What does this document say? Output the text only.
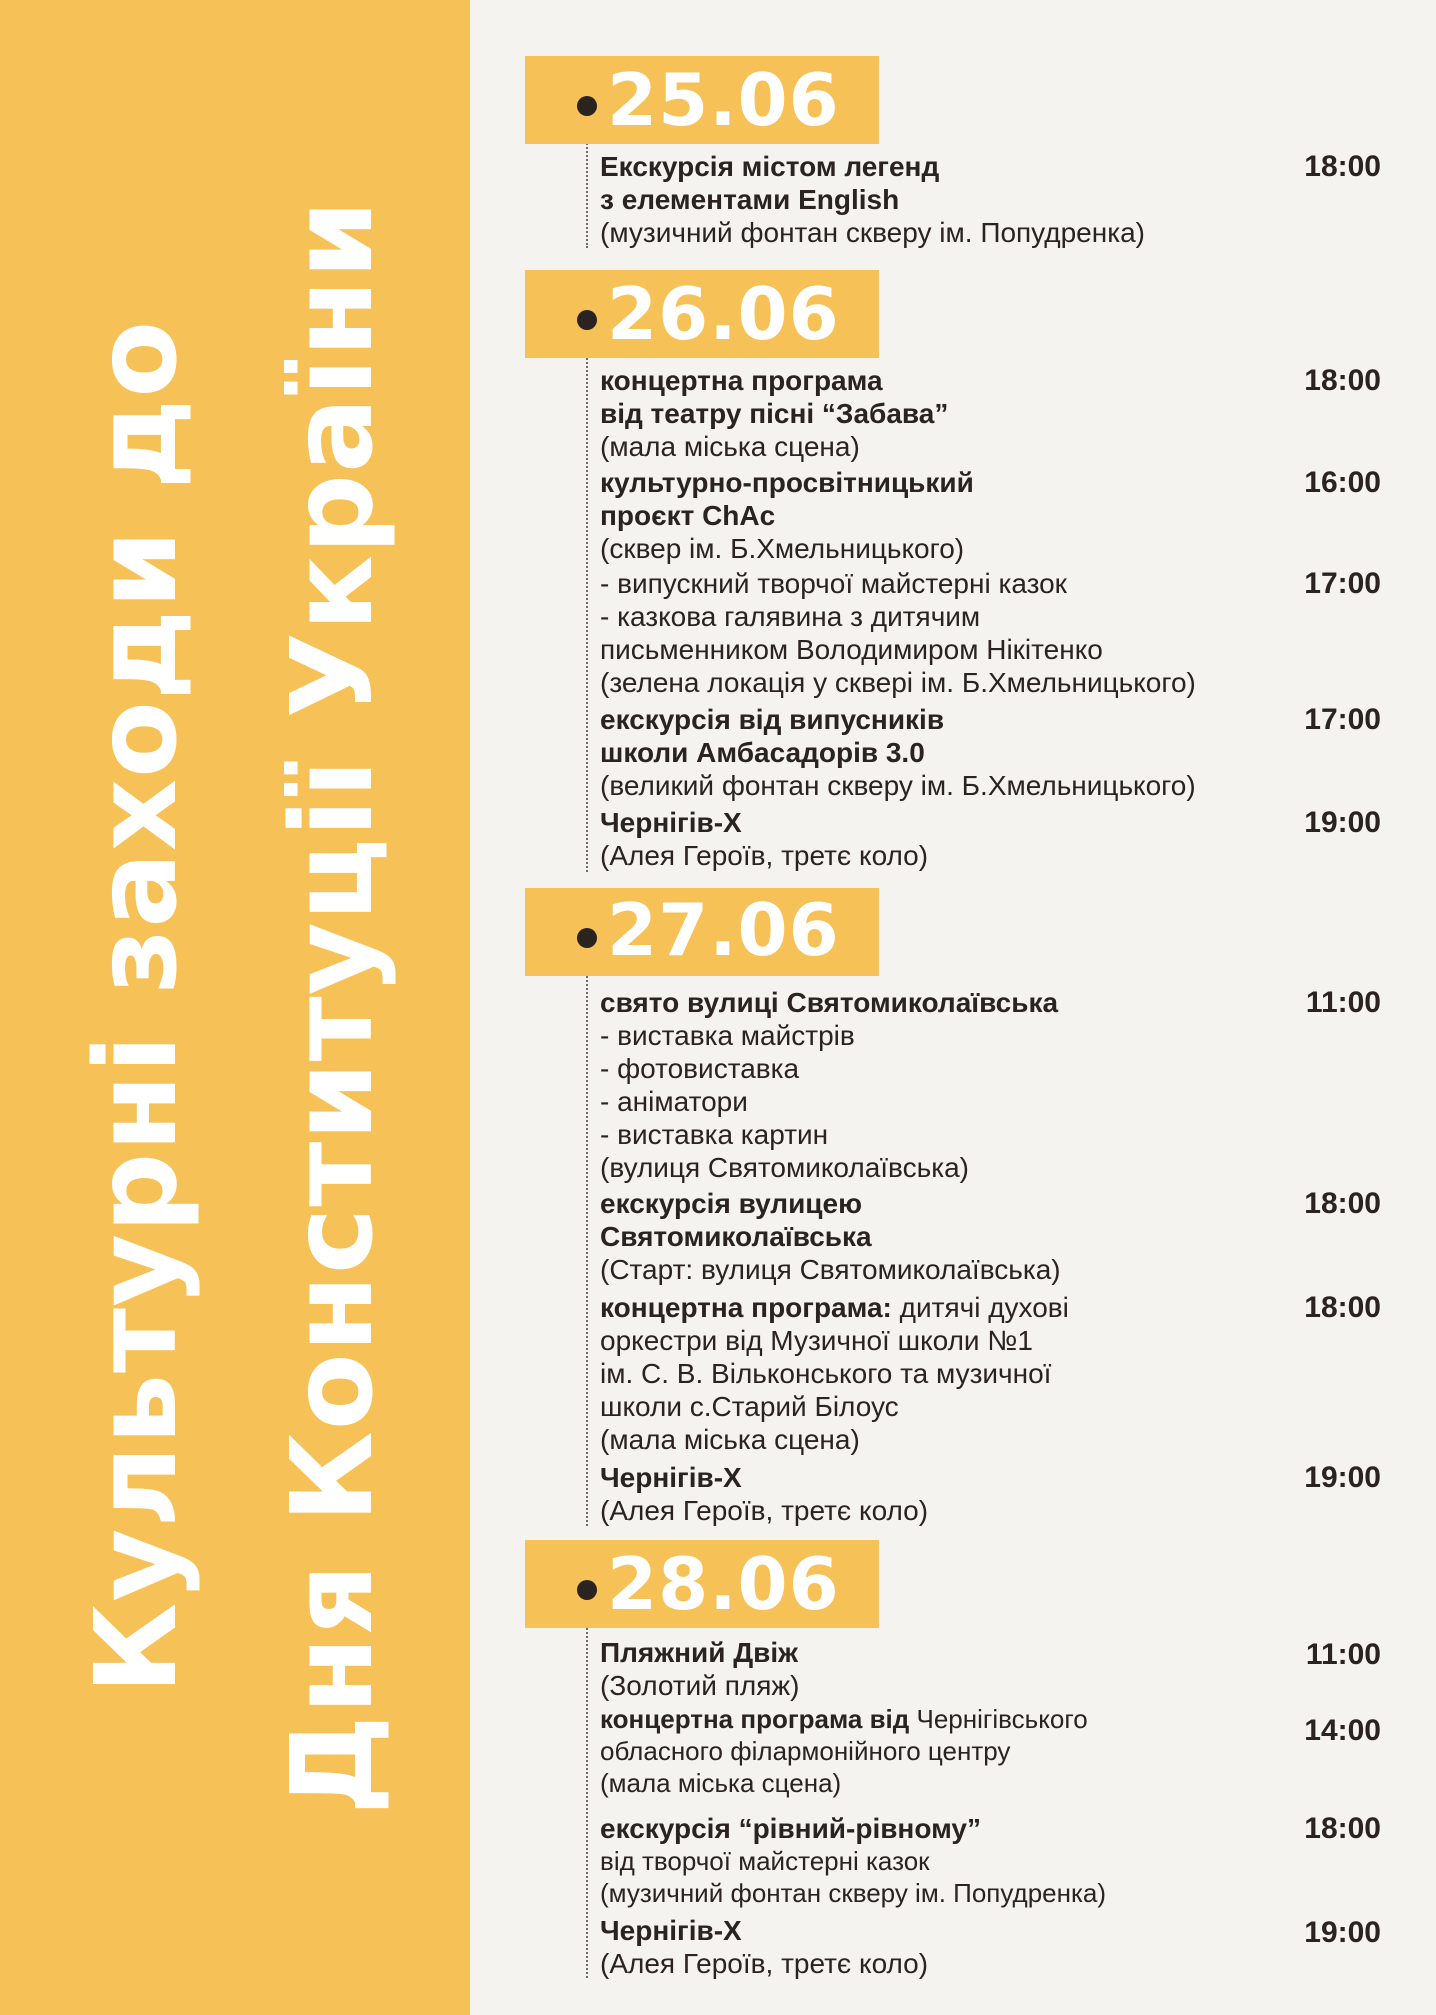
Культурні заходи до Дня Конституції України
25.06
Екскурсія містом легенд
з елементами English
(музичний фонтан скверу ім. Попудренка)
18:00
26.06
концертна програма
від театру пісні “Забава”
(мала міська сцена)
18:00
культурно-просвітницький
проєкт ChAc
(сквер ім. Б.Хмельницького)
16:00
- випускний творчої майстерні казок
- казкова галявина з дитячим
письменником Володимиром Нікітенко
(зелена локація у сквері ім. Б.Хмельницького)
17:00
екскурсія від випусників
школи Амбасадорів 3.0
(великий фонтан скверу ім. Б.Хмельницького)
17:00
Чернігів-Х
(Алея Героїв, третє коло)
19:00
27.06
свято вулиці Святомиколаївська
- виставка майстрів
- фотовиставка
- аніматори
- виставка картин
(вулиця Святомиколаївська)
11:00
екскурсія вулицею
Святомиколаївська
(Старт: вулиця Святомиколаївська)
18:00
концертна програма: дитячі духові
оркестри від Музичної школи №1
ім. С. В. Вільконського та музичної
школи с.Старий Білоус
(мала міська сцена)
18:00
Чернігів-Х
(Алея Героїв, третє коло)
19:00
28.06
Пляжний Двіж
(Золотий пляж)
11:00
концертна програма від Чернігівського
обласного філармонійного центру
(мала міська сцена)
14:00
екскурсія “рівний-рівному”
від творчої майстерні казок
(музичний фонтан скверу ім. Попудренка)
18:00
Чернігів-Х
(Алея Героїв, третє коло)
19:00
